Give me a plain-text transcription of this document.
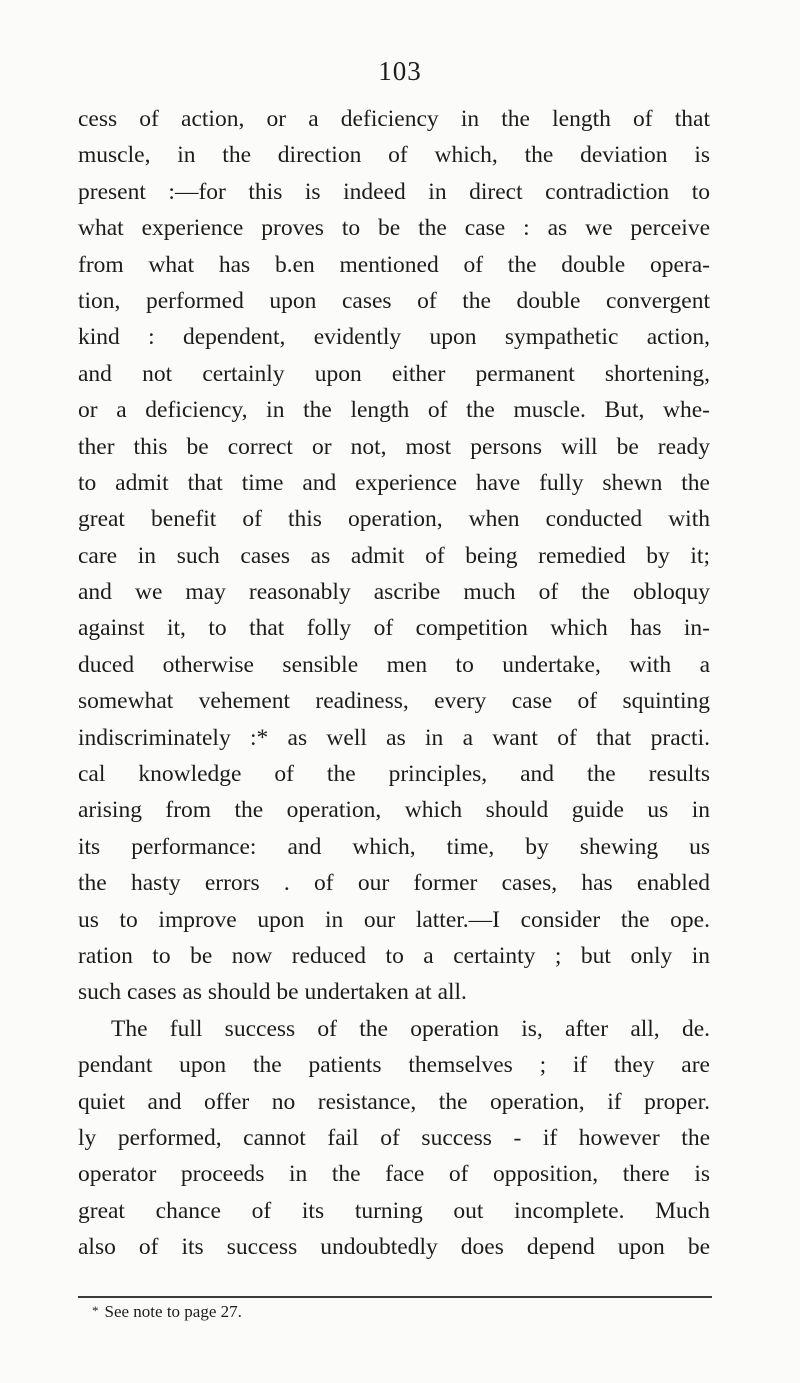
103
cess of action, or a deficiency in the length of that
muscle, in the direction of which, the deviation is
present :—for this is indeed in direct contradiction to
what experience proves to be the case : as we perceive
from what has b.en mentioned of the double opera-
tion, performed upon cases of the double convergent
kind : dependent, evidently upon sympathetic action,
and not certainly upon either permanent shortening,
or a deficiency, in the length of the muscle. But, whe-
ther this be correct or not, most persons will be ready
to admit that time and experience have fully shewn the
great benefit of this operation, when conducted with
care in such cases as admit of being remedied by it;
and we may reasonably ascribe much of the obloquy
against it, to that folly of competition which has in-
duced otherwise sensible men to undertake, with a
somewhat vehement readiness, every case of squinting
indiscriminately :* as well as in a want of that practi.
cal knowledge of the principles, and the results
arising from the operation, which should guide us in
its performance: and which, time, by shewing us
the hasty errors . of our former cases, has enabled
us to improve upon in our latter.—I consider the ope.
ration to be now reduced to a certainty ; but only in
such cases as should be undertaken at all.
The full success of the operation is, after all, de.
pendant upon the patients themselves ; if they are
quiet and offer no resistance, the operation, if proper.
ly performed, cannot fail of success - if however the
operator proceeds in the face of opposition, there is
great chance of its turning out incomplete. Much
also of its success undoubtedly does depend upon be
* See note to page 27.
